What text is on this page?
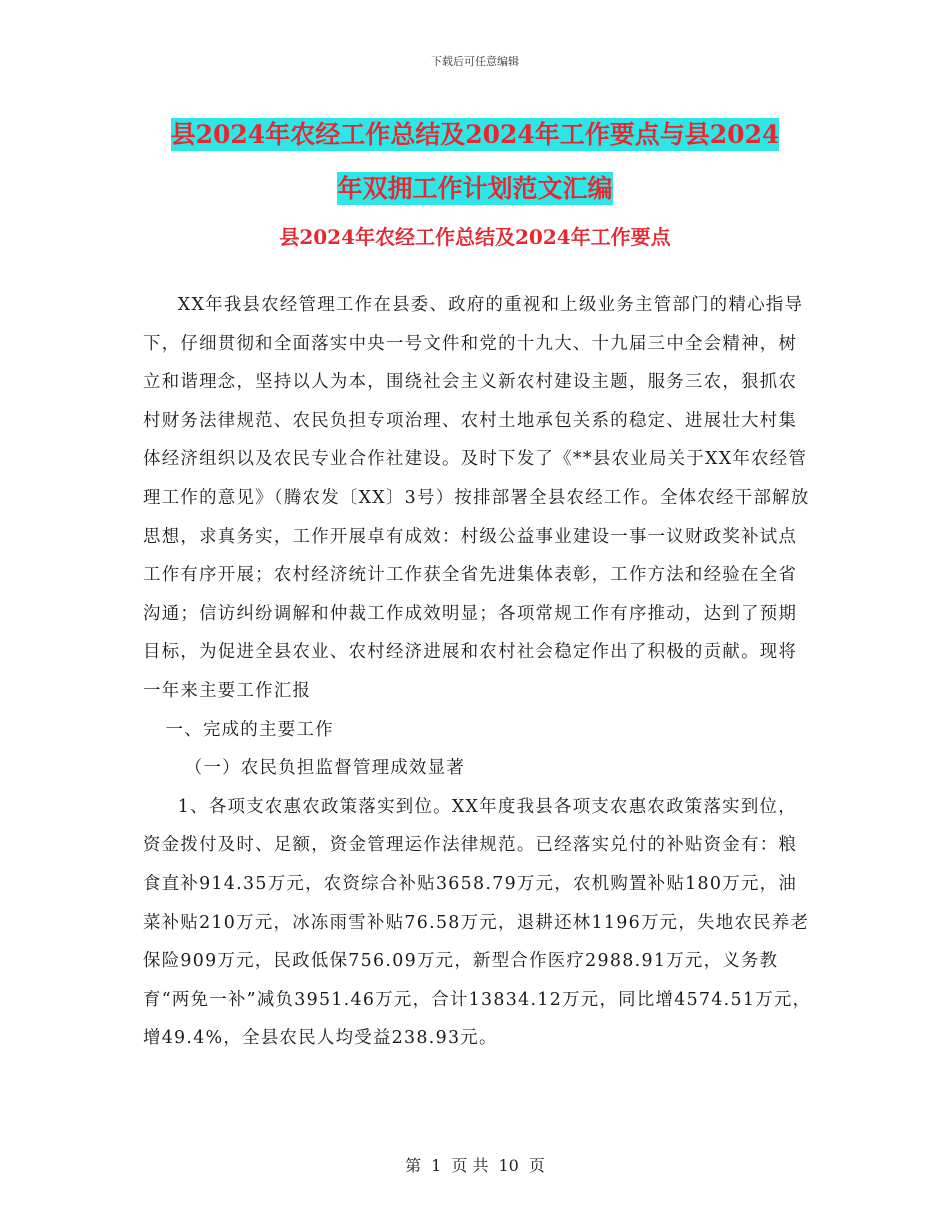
下载后可任意编辑
县2024年农经工作总结及2024年工作要点与县2024
年双拥工作计划范文汇编
县2024年农经工作总结及2024年工作要点

XX年我县农经管理工作在县委、政府的重视和上级业务主管部门的精心指导下，仔细贯彻和全面落实中央一号文件和党的十九大、十九届三中全会精神，树立和谐理念，坚持以人为本，围绕社会主义新农村建设主题，服务三农，狠抓农村财务法律规范、农民负担专项治理、农村土地承包关系的稳定、进展壮大村集体经济组织以及农民专业合作社建设。及时下发了《**县农业局关于XX年农经管理工作的意见》（腾农发〔XX〕3号）按排部署全县农经工作。全体农经干部解放思想，求真务实，工作开展卓有成效：村级公益事业建设一事一议财政奖补试点工作有序开展；农村经济统计工作获全省先进集体表彰，工作方法和经验在全省沟通；信访纠纷调解和仲裁工作成效明显；各项常规工作有序推动，达到了预期目标，为促进全县农业、农村经济进展和农村社会稳定作出了积极的贡献。现将一年来主要工作汇报

一、完成的主要工作

（一）农民负担监督管理成效显著

1、各项支农惠农政策落实到位。XX年度我县各项支农惠农政策落实到位，资金拨付及时、足额，资金管理运作法律规范。已经落实兑付的补贴资金有：粮食直补914.35万元，农资综合补贴3658.79万元，农机购置补贴180万元，油菜补贴210万元，冰冻雨雪补贴76.58万元，退耕还林1196万元，失地农民养老保险909万元，民政低保756.09万元，新型合作医疗2988.91万元，义务教育“两免一补”减负3951.46万元，合计13834.12万元，同比增4574.51万元，增49.4%，全县农民人均受益238.93元。

第 1 页 共 10 页
